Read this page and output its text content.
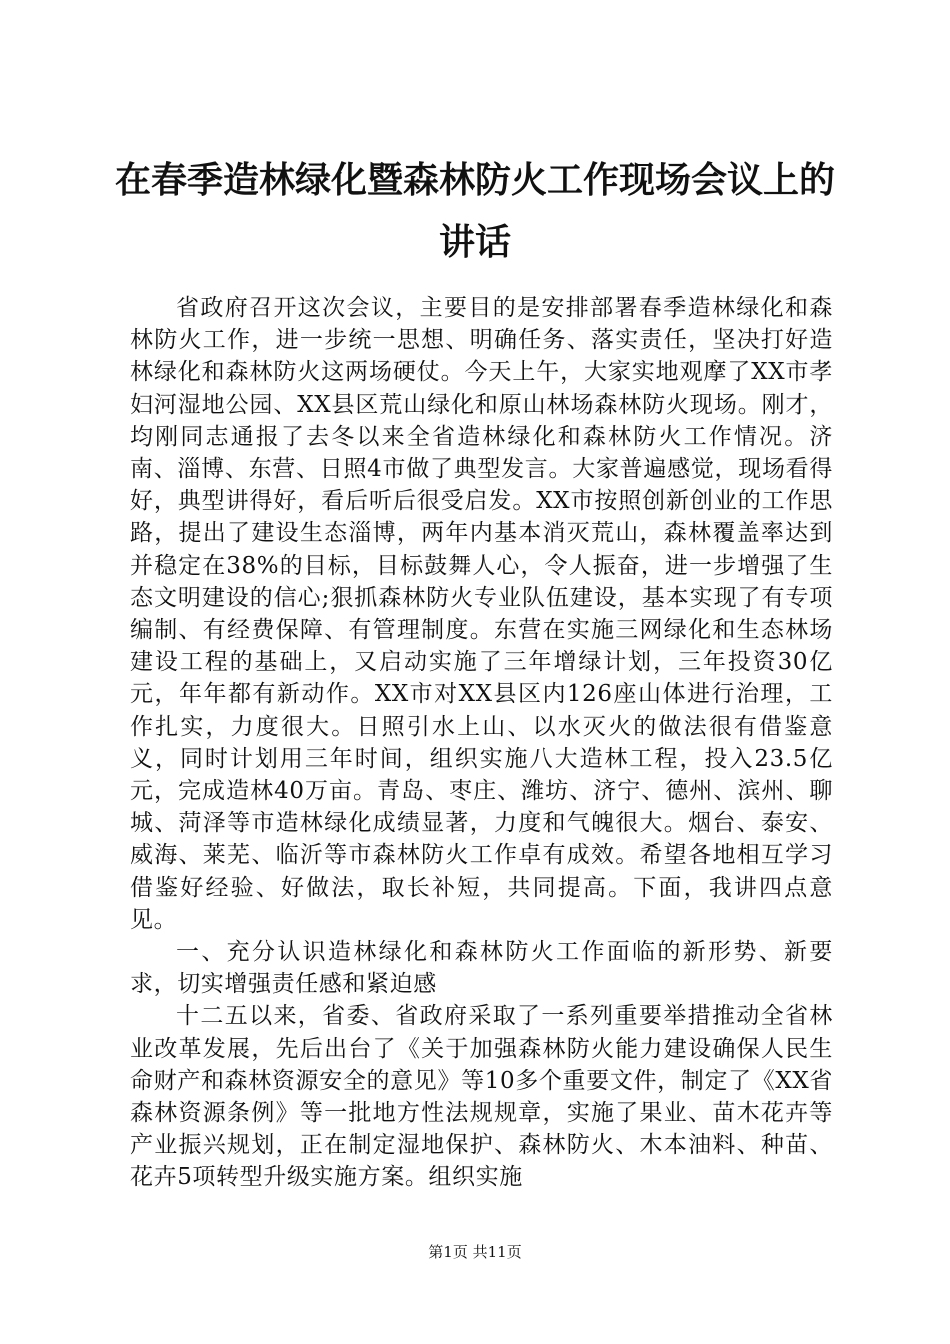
在春季造林绿化暨森林防火工作现场会议上的讲话

省政府召开这次会议，主要目的是安排部署春季造林绿化和森林防火工作，进一步统一思想、明确任务、落实责任，坚决打好造林绿化和森林防火这两场硬仗。今天上午，大家实地观摩了XX市孝妇河湿地公园、XX县区荒山绿化和原山林场森林防火现场。刚才，均刚同志通报了去冬以来全省造林绿化和森林防火工作情况。济南、淄博、东营、日照4市做了典型发言。大家普遍感觉，现场看得好，典型讲得好，看后听后很受启发。XX市按照创新创业的工作思路，提出了建设生态淄博，两年内基本消灭荒山，森林覆盖率达到并稳定在38%的目标，目标鼓舞人心，令人振奋，进一步增强了生态文明建设的信心;狠抓森林防火专业队伍建设，基本实现了有专项编制、有经费保障、有管理制度。东营在实施三网绿化和生态林场建设工程的基础上，又启动实施了三年增绿计划，三年投资30亿元，年年都有新动作。XX市对XX县区内126座山体进行治理，工作扎实，力度很大。日照引水上山、以水灭火的做法很有借鉴意义，同时计划用三年时间，组织实施八大造林工程，投入23.5亿元，完成造林40万亩。青岛、枣庄、潍坊、济宁、德州、滨州、聊城、菏泽等市造林绿化成绩显著，力度和气魄很大。烟台、泰安、威海、莱芜、临沂等市森林防火工作卓有成效。希望各地相互学习借鉴好经验、好做法，取长补短，共同提高。下面，我讲四点意见。

一、充分认识造林绿化和森林防火工作面临的新形势、新要求，切实增强责任感和紧迫感

十二五以来，省委、省政府采取了一系列重要举措推动全省林业改革发展，先后出台了《关于加强森林防火能力建设确保人民生命财产和森林资源安全的意见》等10多个重要文件，制定了《XX省森林资源条例》等一批地方性法规规章，实施了果业、苗木花卉等产业振兴规划，正在制定湿地保护、森林防火、木本油料、种苗、花卉5项转型升级实施方案。组织实施

第1页 共11页
